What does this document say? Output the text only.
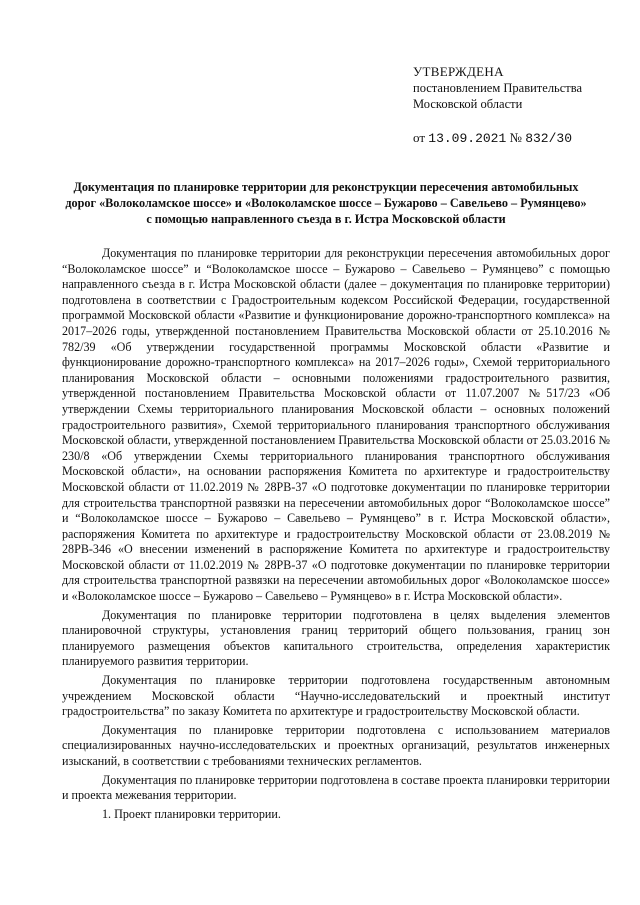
УТВЕРЖДЕНА
постановлением Правительства
Московской области
от 13.09.2021 № 832/30
Документация по планировке территории для реконструкции пересечения автомобильных дорог «Волоколамское шоссе» и «Волоколамское шоссе – Бужарово – Савельево – Румянцево» с помощью направленного съезда в г. Истра Московской области

Документация по планировке территории для реконструкции пересечения автомобильных дорог “Волоколамское шоссе” и “Волоколамское шоссе – Бужарово – Савельево – Румянцево” с помощью направленного съезда в г. Истра Московской области (далее – документация по планировке территории) подготовлена в соответствии с Градостроительным кодексом Российской Федерации, государственной программой Московской области «Развитие и функционирование дорожно-транспортного комплекса» на 2017–2026 годы, утвержденной постановлением Правительства Московской области от 25.10.2016 № 782/39 «Об утверждении государственной программы Московской области «Развитие и функционирование дорожно-транспортного комплекса» на 2017–2026 годы», Схемой территориального планирования Московской области – основными положениями градостроительного развития, утвержденной постановлением Правительства Московской области от 11.07.2007 №517/23 «Об утверждении Схемы территориального планирования Московской области – основных положений градостроительного развития», Схемой территориального планирования транспортного обслуживания Московской области, утвержденной постановлением Правительства Московской области от 25.03.2016 № 230/8 «Об утверждении Схемы территориального планирования транспортного обслуживания Московской области», на основании распоряжения Комитета по архитектуре и градостроительству Московской области от 11.02.2019 № 28РВ-37 «О подготовке документации по планировке территории для строительства транспортной развязки на пересечении автомобильных дорог “Волоколамское шоссе” и “Волоколамское шоссе – Бужарово – Савельево – Румянцево” в г. Истра Московской области», распоряжения Комитета по архитектуре и градостроительству Московской области от 23.08.2019 № 28РВ-346 «О внесении изменений в распоряжение Комитета по архитектуре и градостроительству Московской области от 11.02.2019 № 28РВ-37 «О подготовке документации по планировке территории для строительства транспортной развязки на пересечении автомобильных дорог «Волоколамское шоссе» и «Волоколамское шоссе – Бужарово – Савельево – Румянцево» в г. Истра Московской области».

Документация по планировке территории подготовлена в целях выделения элементов планировочной структуры, установления границ территорий общего пользования, границ зон планируемого размещения объектов капитального строительства, определения характеристик планируемого развития территории.

Документация по планировке территории подготовлена государственным автономным учреждением Московской области “Научно-исследовательский и проектный институт градостроительства” по заказу Комитета по архитектуре и градостроительству Московской области.

Документация по планировке территории подготовлена с использованием материалов специализированных научно-исследовательских и проектных организаций, результатов инженерных изысканий, в соответствии с требованиями технических регламентов.

Документация по планировке территории подготовлена в составе проекта планировки территории и проекта межевания территории.

1. Проект планировки территории.
